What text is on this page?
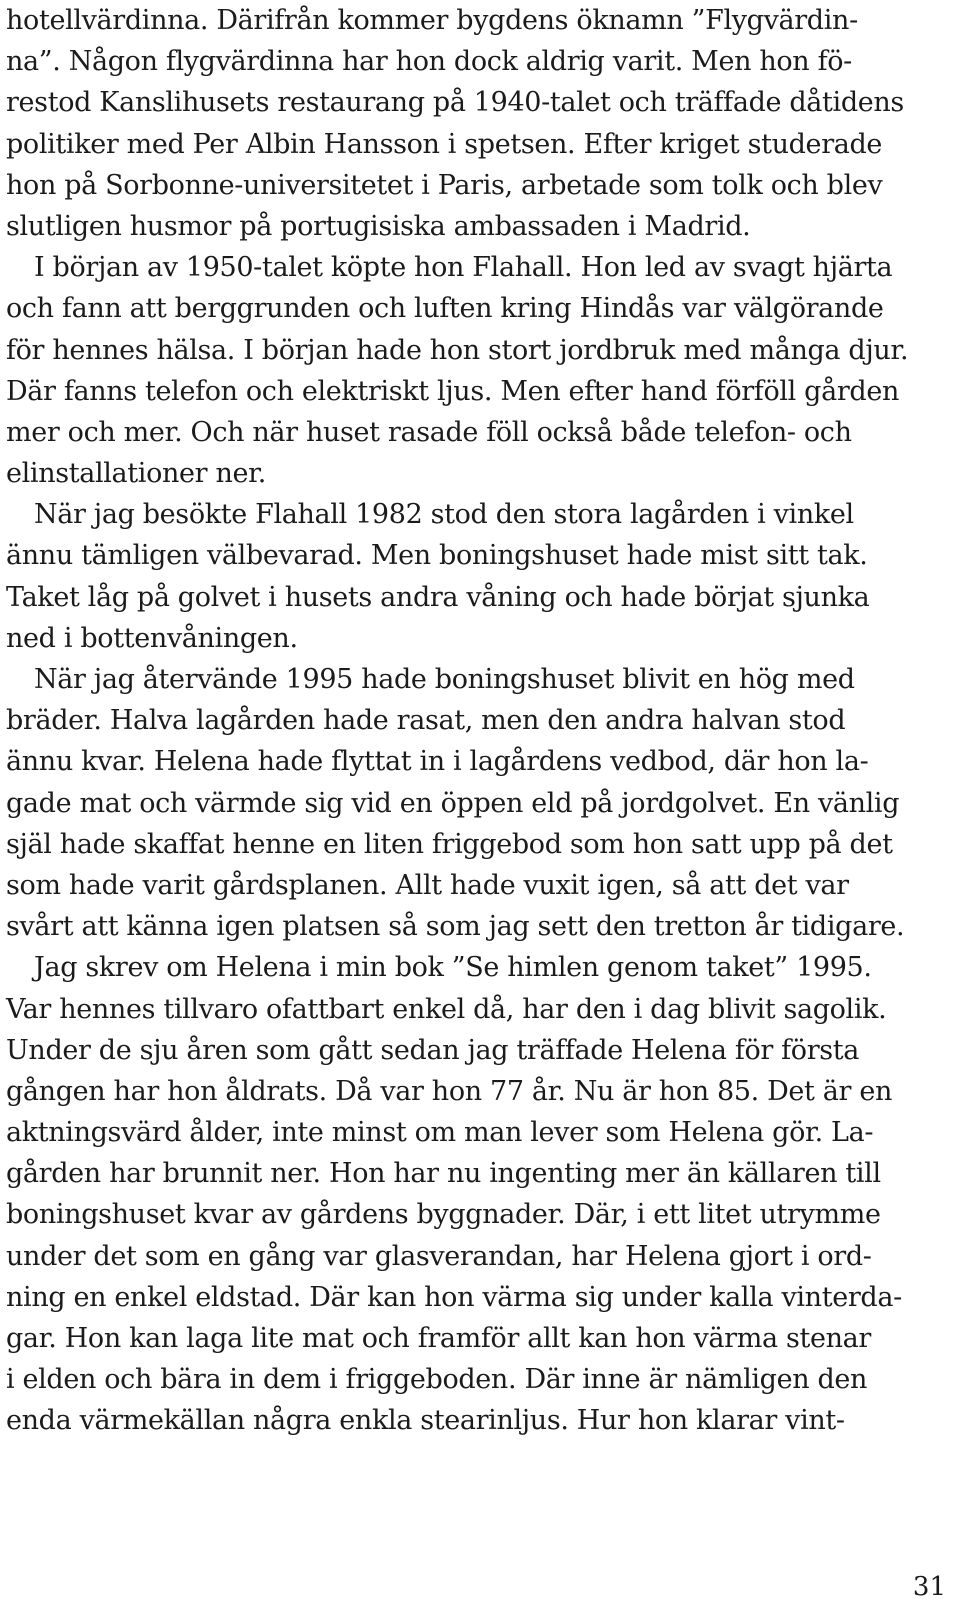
hotellvärdinna. Därifrån kommer bygdens öknamn ”Flygvärdin-
na”. Någon flygvärdinna har hon dock aldrig varit. Men hon fö-
restod Kanslihusets restaurang på 1940-talet och träffade dåtidens
politiker med Per Albin Hansson i spetsen. Efter kriget studerade
hon på Sorbonne-universitetet i Paris, arbetade som tolk och blev
slutligen husmor på portugisiska ambassaden i Madrid.
I början av 1950-talet köpte hon Flahall. Hon led av svagt hjärta
och fann att berggrunden och luften kring Hindås var välgörande
för hennes hälsa. I början hade hon stort jordbruk med många djur.
Där fanns telefon och elektriskt ljus. Men efter hand förföll gården
mer och mer. Och när huset rasade föll också både telefon- och
elinstallationer ner.
När jag besökte Flahall 1982 stod den stora lagården i vinkel
ännu tämligen välbevarad. Men boningshuset hade mist sitt tak.
Taket låg på golvet i husets andra våning och hade börjat sjunka
ned i bottenvåningen.
När jag återvände 1995 hade boningshuset blivit en hög med
bräder. Halva lagården hade rasat, men den andra halvan stod
ännu kvar. Helena hade flyttat in i lagårdens vedbod, där hon la-
gade mat och värmde sig vid en öppen eld på jordgolvet. En vänlig
själ hade skaffat henne en liten friggebod som hon satt upp på det
som hade varit gårdsplanen. Allt hade vuxit igen, så att det var
svårt att känna igen platsen så som jag sett den tretton år tidigare.
Jag skrev om Helena i min bok ”Se himlen genom taket” 1995.
Var hennes tillvaro ofattbart enkel då, har den i dag blivit sagolik.
Under de sju åren som gått sedan jag träffade Helena för första
gången har hon åldrats. Då var hon 77 år. Nu är hon 85. Det är en
aktningsvärd ålder, inte minst om man lever som Helena gör. La-
gården har brunnit ner. Hon har nu ingenting mer än källaren till
boningshuset kvar av gårdens byggnader. Där, i ett litet utrymme
under det som en gång var glasverandan, har Helena gjort i ord-
ning en enkel eldstad. Där kan hon värma sig under kalla vinterda-
gar. Hon kan laga lite mat och framför allt kan hon värma stenar
i elden och bära in dem i friggeboden. Där inne är nämligen den
enda värmekällan några enkla stearinljus. Hur hon klarar vint-
31
